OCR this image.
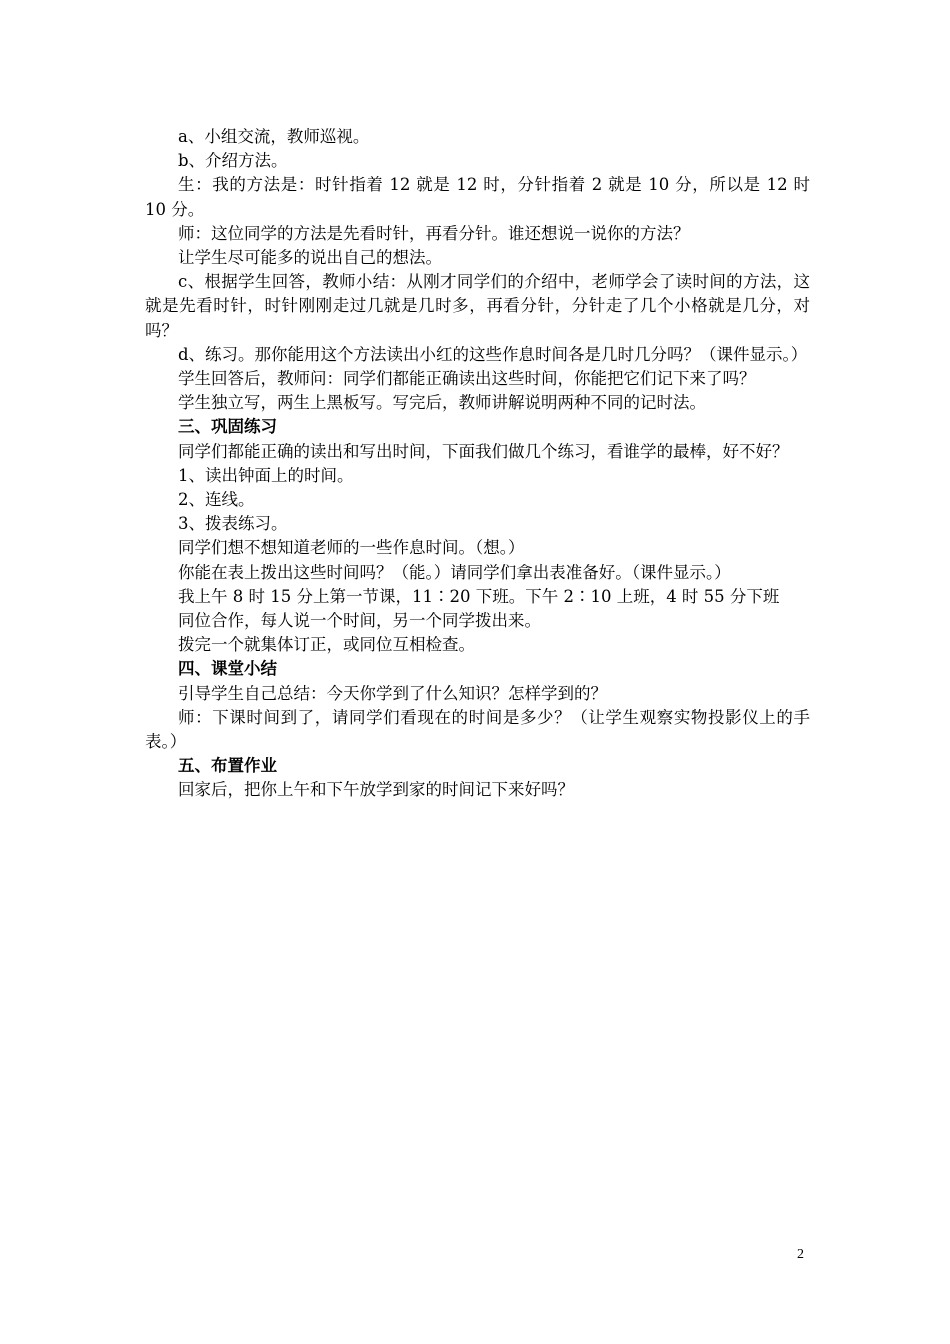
a、小组交流，教师巡视。

b、介绍方法。

生：我的方法是：时针指着 12 就是 12 时，分针指着 2 就是 10 分，所以是 12 时 10 分。

师：这位同学的方法是先看时针，再看分针。谁还想说一说你的方法？

让学生尽可能多的说出自己的想法。

c、根据学生回答，教师小结：从刚才同学们的介绍中，老师学会了读时间的方法，这就是先看时针，时针刚刚走过几就是几时多，再看分针，分针走了几个小格就是几分，对吗？

d、练习。那你能用这个方法读出小红的这些作息时间各是几时几分吗？（课件显示。）

学生回答后，教师问：同学们都能正确读出这些时间，你能把它们记下来了吗？

学生独立写，两生上黑板写。写完后，教师讲解说明两种不同的记时法。

三、巩固练习

同学们都能正确的读出和写出时间，下面我们做几个练习，看谁学的最棒，好不好？

1、读出钟面上的时间。

2、连线。

3、拨表练习。

同学们想不想知道老师的一些作息时间。（想。）

你能在表上拨出这些时间吗？（能。）请同学们拿出表准备好。（课件显示。）

我上午 8 时 15 分上第一节课，11∶20 下班。下午 2∶10 上班，4 时 55 分下班

同位合作，每人说一个时间，另一个同学拨出来。

拨完一个就集体订正，或同位互相检查。

四、课堂小结

引导学生自己总结：今天你学到了什么知识？怎样学到的？

师：下课时间到了，请同学们看现在的时间是多少？（让学生观察实物投影仪上的手表。）

五、布置作业

回家后，把你上午和下午放学到家的时间记下来好吗？

2
